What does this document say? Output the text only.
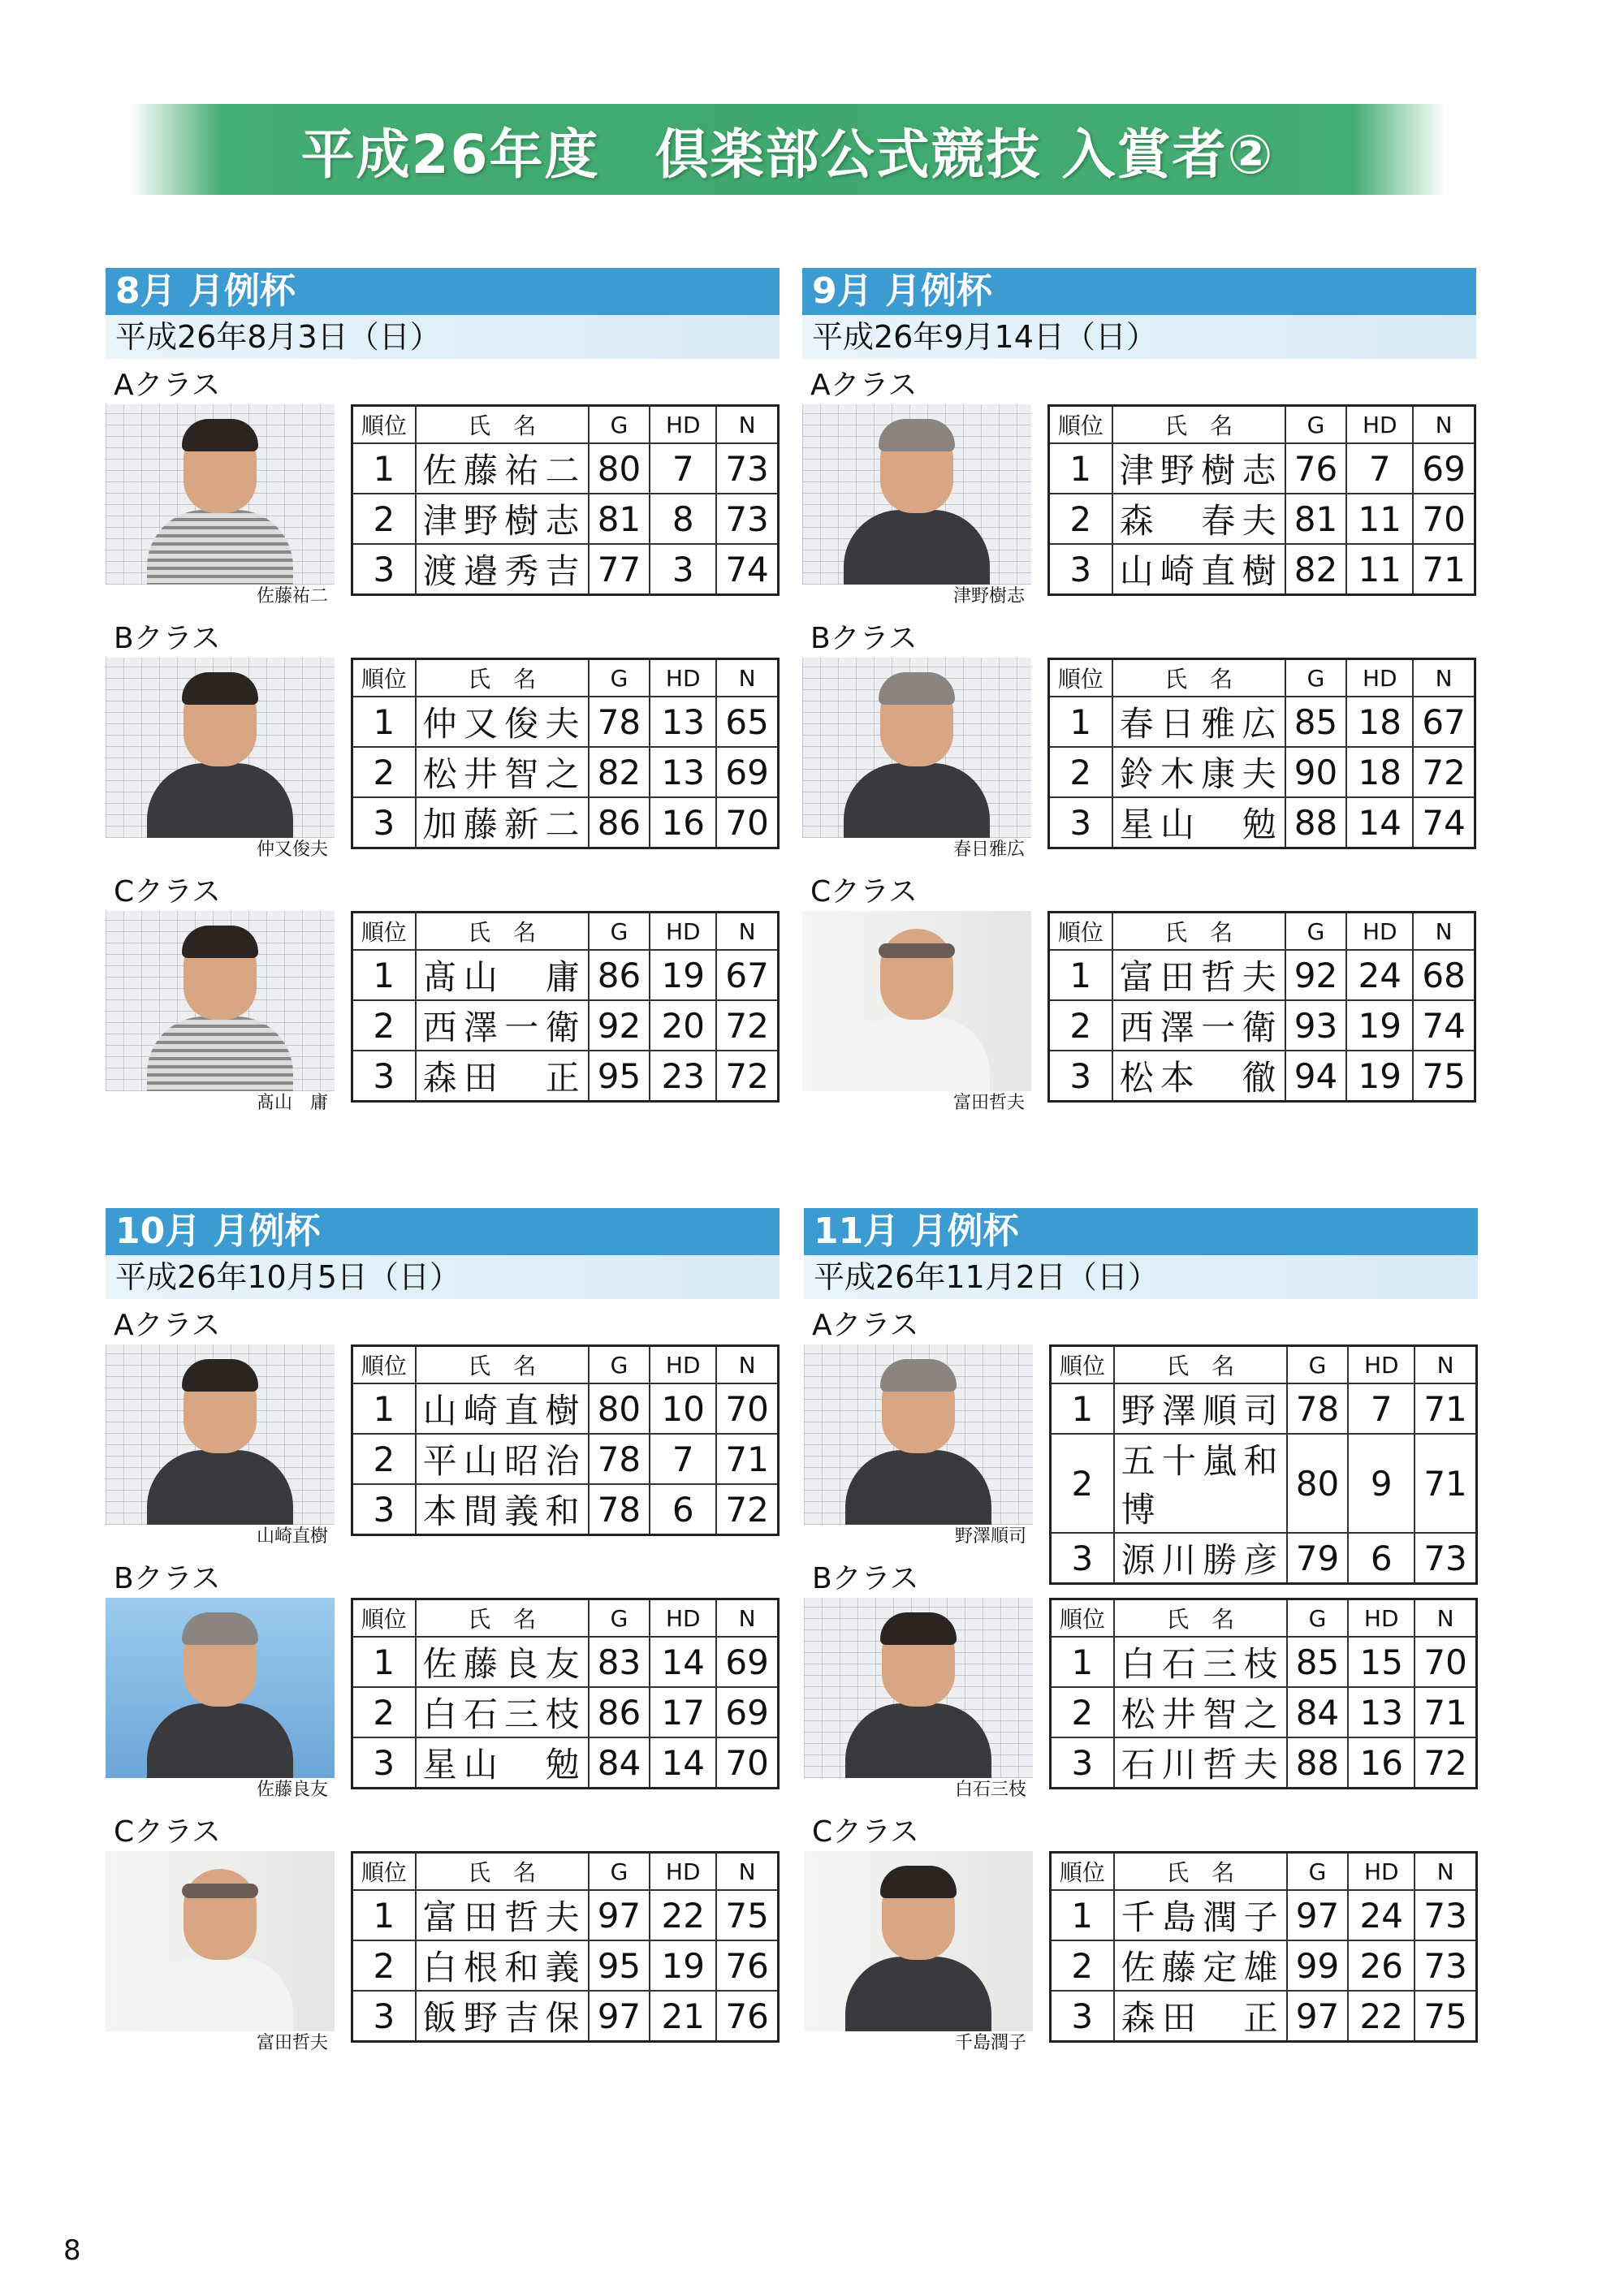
平成26年度　倶楽部公式競技 入賞者②
8月 月例杯
平成26年8月3日（日）
Aクラス
佐藤祐二
順位	氏　名	G	HD	N
1	佐藤祐二	80	7	73
2	津野樹志	81	8	73
3	渡邉秀吉	77	3	74
Bクラス
仲又俊夫
順位	氏　名	G	HD	N
1	仲又俊夫	78	13	65
2	松井智之	82	13	69
3	加藤新二	86	16	70
Cクラス
髙山　庸
順位	氏　名	G	HD	N
1	髙山　庸	86	19	67
2	西澤一衛	92	20	72
3	森田　正	95	23	72
9月 月例杯
平成26年9月14日（日）
Aクラス
津野樹志
順位	氏　名	G	HD	N
1	津野樹志	76	7	69
2	森　春夫	81	11	70
3	山崎直樹	82	11	71
Bクラス
春日雅広
順位	氏　名	G	HD	N
1	春日雅広	85	18	67
2	鈴木康夫	90	18	72
3	星山　勉	88	14	74
Cクラス
富田哲夫
順位	氏　名	G	HD	N
1	富田哲夫	92	24	68
2	西澤一衛	93	19	74
3	松本　徹	94	19	75
10月 月例杯
平成26年10月5日（日）
Aクラス
山崎直樹
順位	氏　名	G	HD	N
1	山崎直樹	80	10	70
2	平山昭治	78	7	71
3	本間義和	78	6	72
Bクラス
佐藤良友
順位	氏　名	G	HD	N
1	佐藤良友	83	14	69
2	白石三枝	86	17	69
3	星山　勉	84	14	70
Cクラス
富田哲夫
順位	氏　名	G	HD	N
1	富田哲夫	97	22	75
2	白根和義	95	19	76
3	飯野吉保	97	21	76
11月 月例杯
平成26年11月2日（日）
Aクラス
野澤順司
順位	氏　名	G	HD	N
1	野澤順司	78	7	71
2	五十嵐和博	80	9	71
3	源川勝彦	79	6	73
Bクラス
白石三枝
順位	氏　名	G	HD	N
1	白石三枝	85	15	70
2	松井智之	84	13	71
3	石川哲夫	88	16	72
Cクラス
千島潤子
順位	氏　名	G	HD	N
1	千島潤子	97	24	73
2	佐藤定雄	99	26	73
3	森田　正	97	22	75
8
